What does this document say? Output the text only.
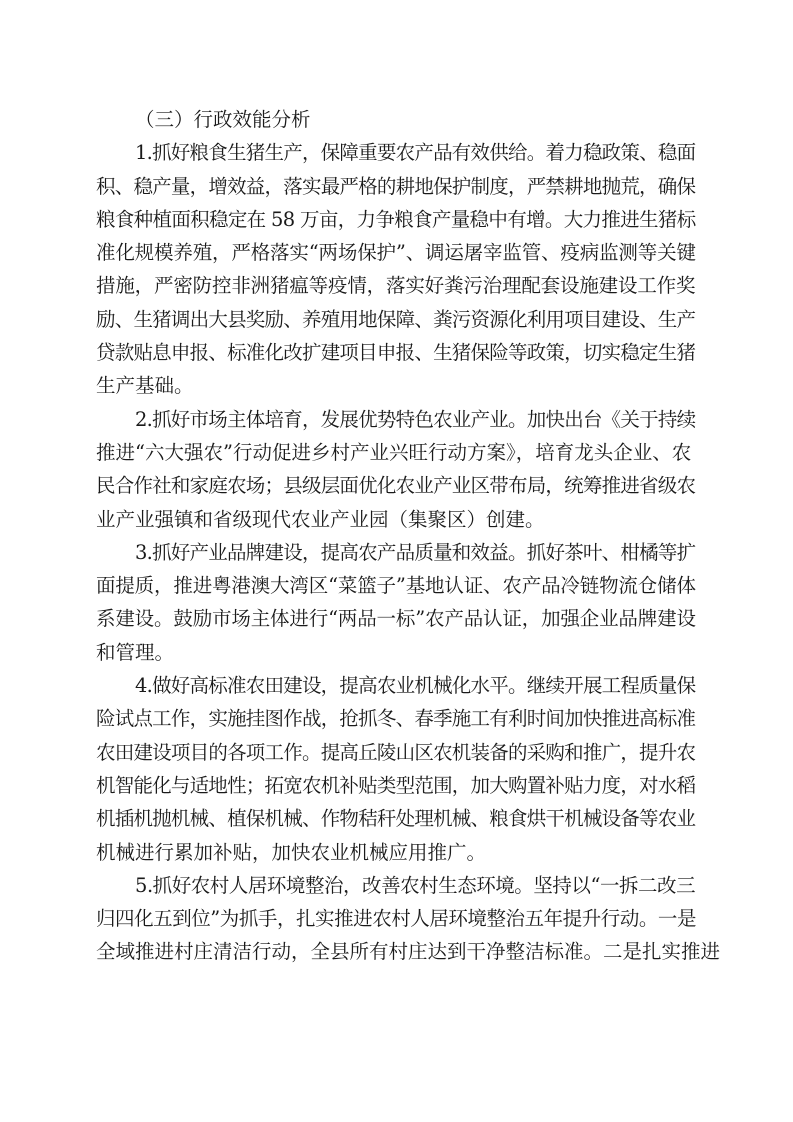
（三）行政效能分析

1.抓好粮食生猪生产，保障重要农产品有效供给。着力稳政策、稳面
积、稳产量，增效益，落实最严格的耕地保护制度，严禁耕地抛荒，确保
粮食种植面积稳定在 58 万亩，力争粮食产量稳中有增。大力推进生猪标
准化规模养殖，严格落实“两场保护”、调运屠宰监管、疫病监测等关键
措施，严密防控非洲猪瘟等疫情，落实好粪污治理配套设施建设工作奖
励、生猪调出大县奖励、养殖用地保障、粪污资源化利用项目建设、生产
贷款贴息申报、标准化改扩建项目申报、生猪保险等政策，切实稳定生猪
生产基础。
2.抓好市场主体培育，发展优势特色农业产业。加快出台《关于持续
推进“六大强农”行动促进乡村产业兴旺行动方案》，培育龙头企业、农
民合作社和家庭农场；县级层面优化农业产业区带布局，统筹推进省级农
业产业强镇和省级现代农业产业园（集聚区）创建。
3.抓好产业品牌建设，提高农产品质量和效益。抓好茶叶、柑橘等扩
面提质，推进粤港澳大湾区“菜篮子”基地认证、农产品冷链物流仓储体
系建设。鼓励市场主体进行“两品一标”农产品认证，加强企业品牌建设
和管理。
4.做好高标准农田建设，提高农业机械化水平。继续开展工程质量保
险试点工作，实施挂图作战，抢抓冬、春季施工有利时间加快推进高标准
农田建设项目的各项工作。提高丘陵山区农机装备的采购和推广，提升农
机智能化与适地性；拓宽农机补贴类型范围，加大购置补贴力度，对水稻
机插机抛机械、植保机械、作物秸秆处理机械、粮食烘干机械设备等农业
机械进行累加补贴，加快农业机械应用推广。
5.抓好农村人居环境整治，改善农村生态环境。坚持以“一拆二改三
归四化五到位”为抓手，扎实推进农村人居环境整治五年提升行动。一是
全域推进村庄清洁行动，全县所有村庄达到干净整洁标准。二是扎实推进
